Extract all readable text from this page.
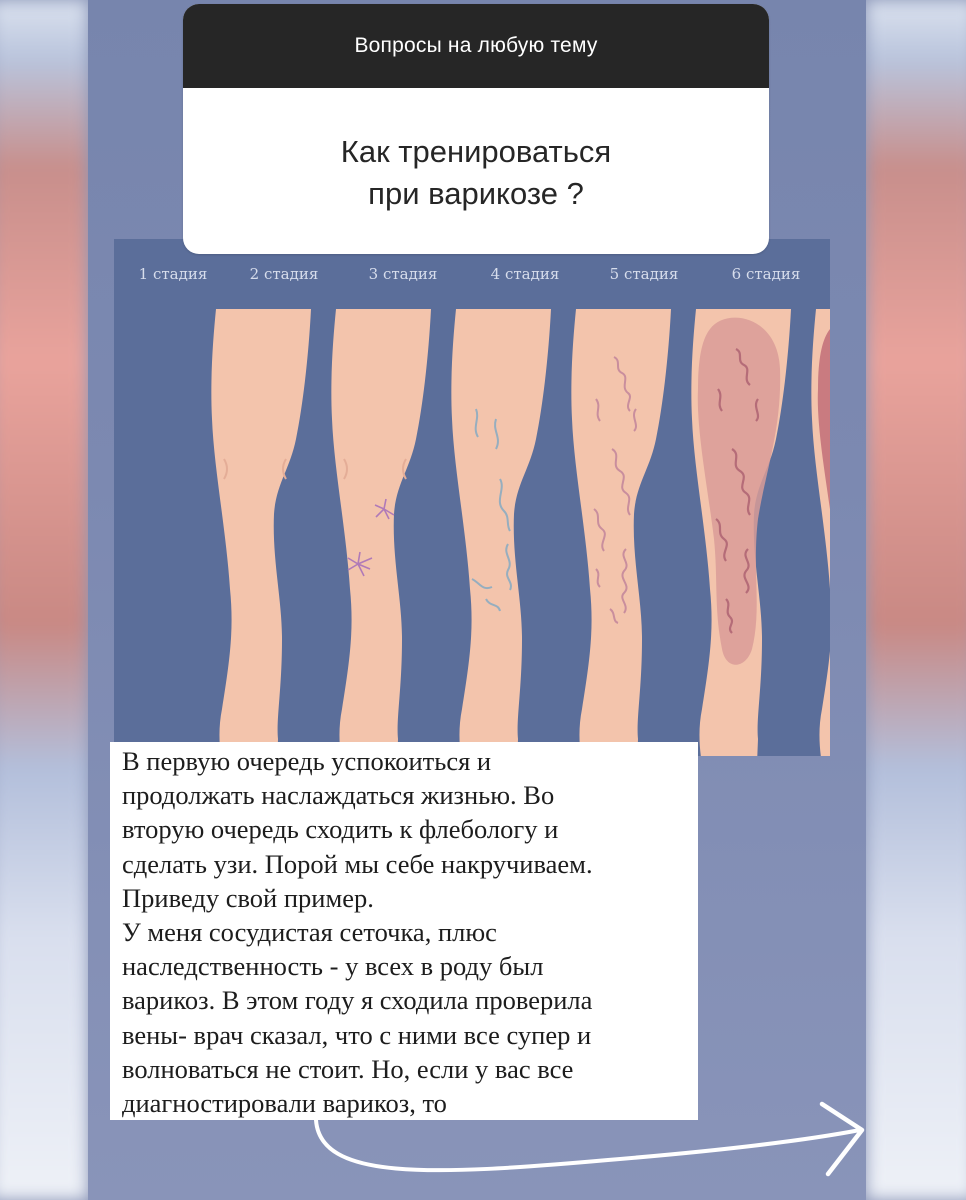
Вопросы на любую тему
Как тренироваться
при варикозе ?
1 стадия	2 стадия	3 стадия	4 стадия	5 стадия	6 стадия

В первую очередь успокоиться и
продолжать наслаждаться жизнью. Во
вторую очередь сходить к флебологу и
сделать узи. Порой мы себе накручиваем.
Приведу свой пример.
У меня сосудистая сеточка, плюс
наследственность - у всех в роду был
варикоз. В этом году я сходила проверила
вены- врач сказал, что с ними все супер и
волноваться не стоит. Но, если у вас все
диагностировали варикоз, то
